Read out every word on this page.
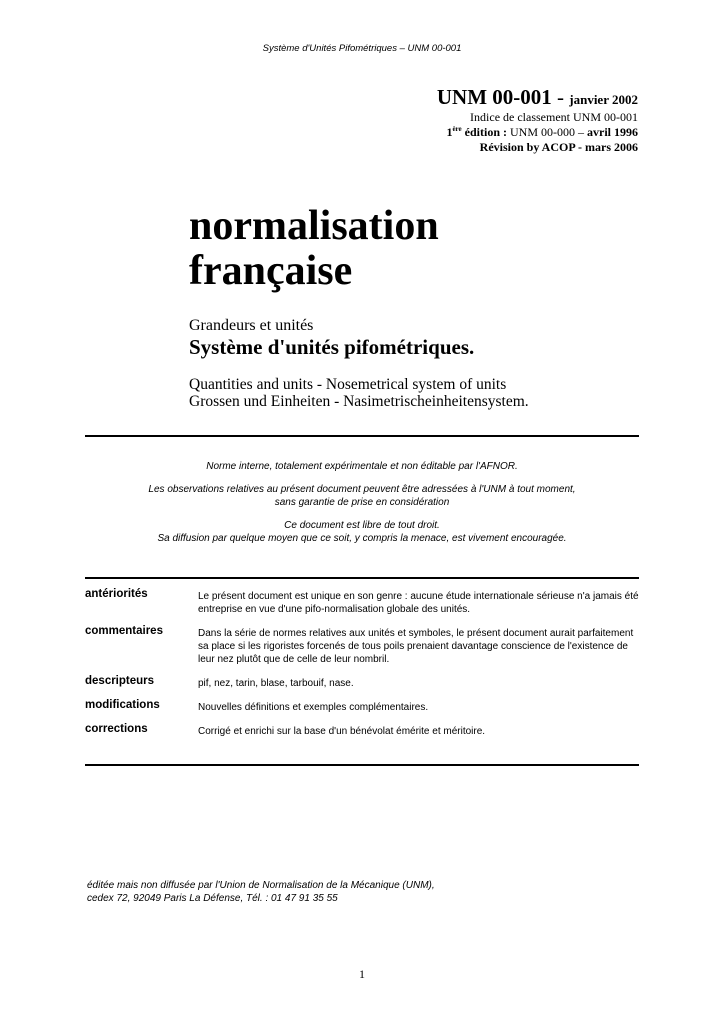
Système d'Unités Pifométriques – UNM 00-001
UNM 00-001 - janvier 2002
Indice de classement UNM 00-001
1ère édition : UNM 00-000 – avril 1996
Révision by ACOP - mars 2006
normalisation
française
Grandeurs et unités
Système d'unités pifométriques.
Quantities and units - Nosemetrical system of units
Grossen und Einheiten - Nasimetrischeinheitensystem.

Norme interne, totalement expérimentale et non éditable par l'AFNOR.

Les observations relatives au présent document peuvent être adressées à l'UNM à tout moment,
sans garantie de prise en considération

Ce document est libre de tout droit.
Sa diffusion par quelque moyen que ce soit, y compris la menace, est vivement encouragée.

antériorités	Le présent document est unique en son genre : aucune étude internationale sérieuse n'a jamais été entreprise en vue d'une pifo-normalisation globale des unités.
commentaires	Dans la série de normes relatives aux unités et symboles, le présent document aurait parfaitement sa place si les rigoristes forcenés de tous poils prenaient davantage conscience de l'existence de leur nez plutôt que de celle de leur nombril.
descripteurs	pif, nez, tarin, blase, tarbouif, nase.
modifications	Nouvelles définitions et exemples complémentaires.
corrections	Corrigé et enrichi sur la base d'un bénévolat émérite et méritoire.
éditée mais non diffusée par l'Union de Normalisation de la Mécanique (UNM),
cedex 72, 92049 Paris La Défense, Tél. : 01 47 91 35 55
1
